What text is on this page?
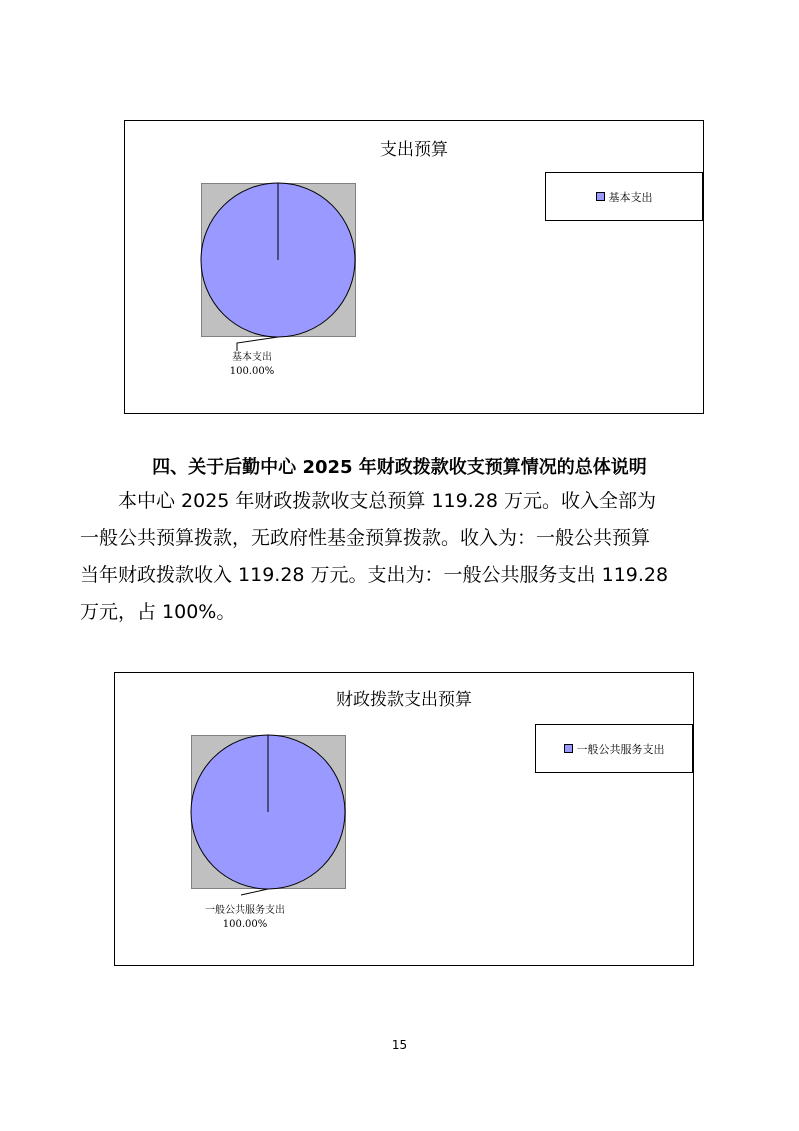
支出预算
基本支出
100.00%
基本支出
四、关于后勤中心 2025 年财政拨款收支预算情况的总体说明
本中心 2025 年财政拨款收支总预算 119.28 万元。收入全部为
一般公共预算拨款，无政府性基金预算拨款。收入为：一般公共预算
当年财政拨款收入 119.28 万元。支出为：一般公共服务支出 119.28
万元，占 100%。
财政拨款支出预算
一般公共服务支出
100.00%
一般公共服务支出
15
